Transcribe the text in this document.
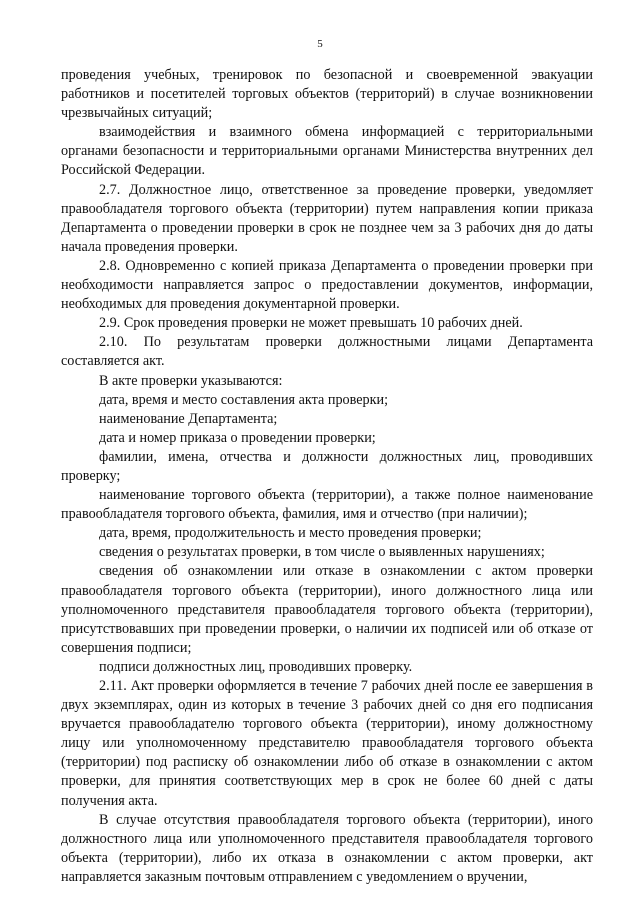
5

проведения учебных, тренировок по безопасной и своевременной эвакуации работников и посетителей торговых объектов (территорий) в случае возникновении чрезвычайных ситуаций;

взаимодействия и взаимного обмена информацией с территориальными органами безопасности и территориальными органами Министерства внутренних дел Российской Федерации.

2.7. Должностное лицо, ответственное за проведение проверки, уведомляет правообладателя торгового объекта (территории) путем направления копии приказа Департамента о проведении проверки в срок не позднее чем за 3 рабочих дня до даты начала проведения проверки.

2.8. Одновременно с копией приказа Департамента о проведении проверки при необходимости направляется запрос о предоставлении документов, информации, необходимых для проведения документарной проверки.

2.9. Срок проведения проверки не может превышать 10 рабочих дней.

2.10. По результатам проверки должностными лицами Департамента составляется акт.

В акте проверки указываются:

дата, время и место составления акта проверки;

наименование Департамента;

дата и номер приказа о проведении проверки;

фамилии, имена, отчества и должности должностных лиц, проводивших проверку;

наименование торгового объекта (территории), а также полное наименование правообладателя торгового объекта, фамилия, имя и отчество (при наличии);

дата, время, продолжительность и место проведения проверки;

сведения о результатах проверки, в том числе о выявленных нарушениях;

сведения об ознакомлении или отказе в ознакомлении с актом проверки правообладателя торгового объекта (территории), иного должностного лица или уполномоченного представителя правообладателя торгового объекта (территории), присутствовавших при проведении проверки, о наличии их подписей или об отказе от совершения подписи;

подписи должностных лиц, проводивших проверку.

2.11. Акт проверки оформляется в течение 7 рабочих дней после ее завершения в двух экземплярах, один из которых в течение 3 рабочих дней со дня его подписания вручается правообладателю торгового объекта (территории), иному должностному лицу или уполномоченному представителю правообладателя торгового объекта (территории) под расписку об ознакомлении либо об отказе в ознакомлении с актом проверки, для принятия соответствующих мер в срок не более 60 дней с даты получения акта.

В случае отсутствия правообладателя торгового объекта (территории), иного должностного лица или уполномоченного представителя правообладателя торгового объекта (территории), либо их отказа в ознакомлении с актом проверки, акт направляется заказным почтовым отправлением с уведомлением о вручении,
